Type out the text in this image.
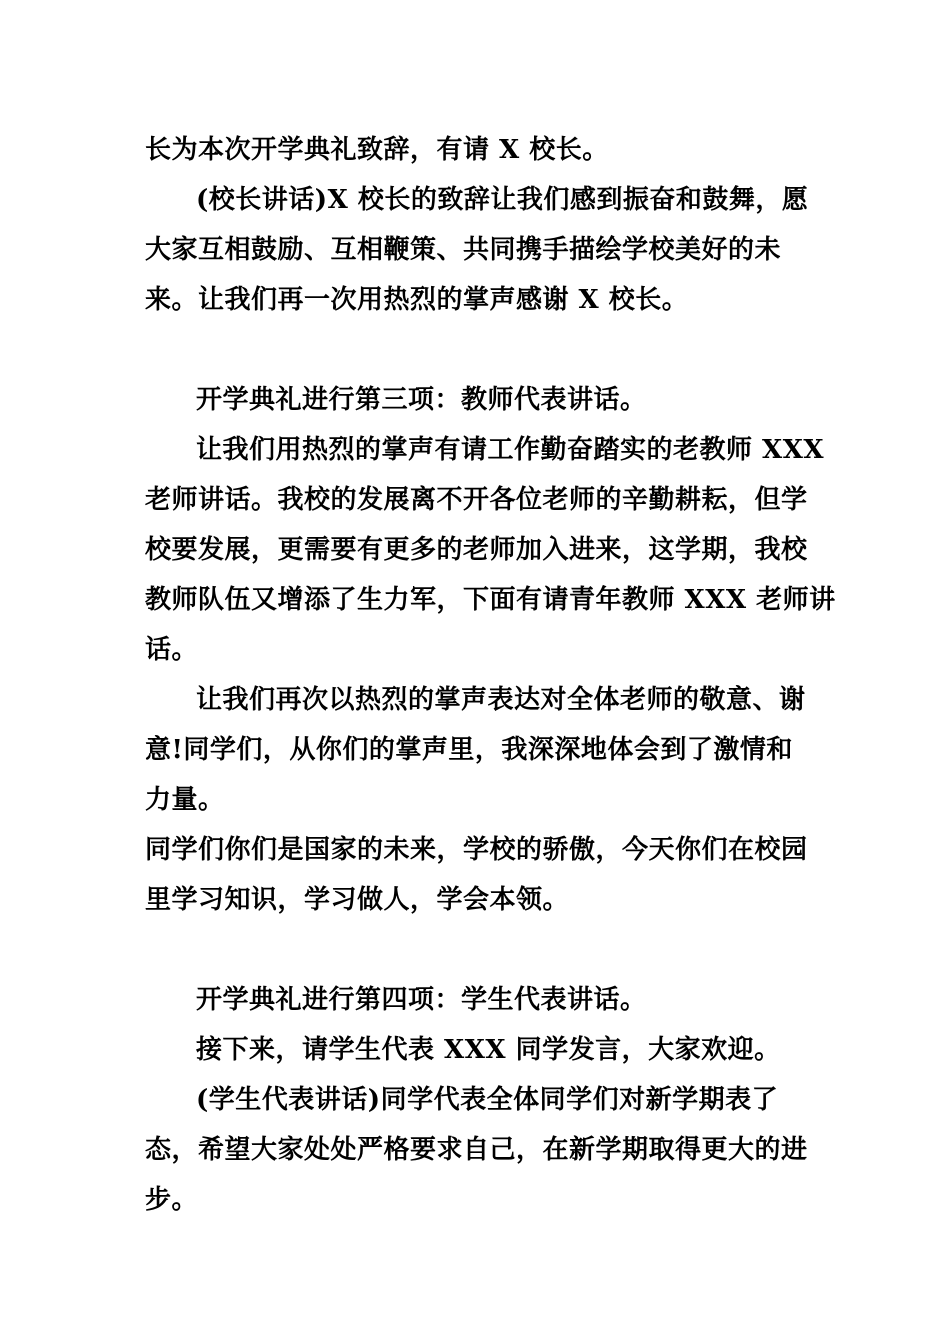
长为本次开学典礼致辞，有请 X 校长。
(校长讲话)X 校长的致辞让我们感到振奋和鼓舞，愿
大家互相鼓励、互相鞭策、共同携手描绘学校美好的未
来。让我们再一次用热烈的掌声感谢 X 校长。
开学典礼进行第三项：教师代表讲话。
让我们用热烈的掌声有请工作勤奋踏实的老教师 XXX
老师讲话。我校的发展离不开各位老师的辛勤耕耘，但学
校要发展，更需要有更多的老师加入进来，这学期，我校
教师队伍又增添了生力军，下面有请青年教师 XXX 老师讲
话。
让我们再次以热烈的掌声表达对全体老师的敬意、谢
意!同学们，从你们的掌声里，我深深地体会到了激情和
力量。
同学们你们是国家的未来，学校的骄傲，今天你们在校园
里学习知识，学习做人，学会本领。
开学典礼进行第四项：学生代表讲话。
接下来，请学生代表 XXX 同学发言，大家欢迎。
(学生代表讲话)同学代表全体同学们对新学期表了
态，希望大家处处严格要求自己，在新学期取得更大的进
步。
